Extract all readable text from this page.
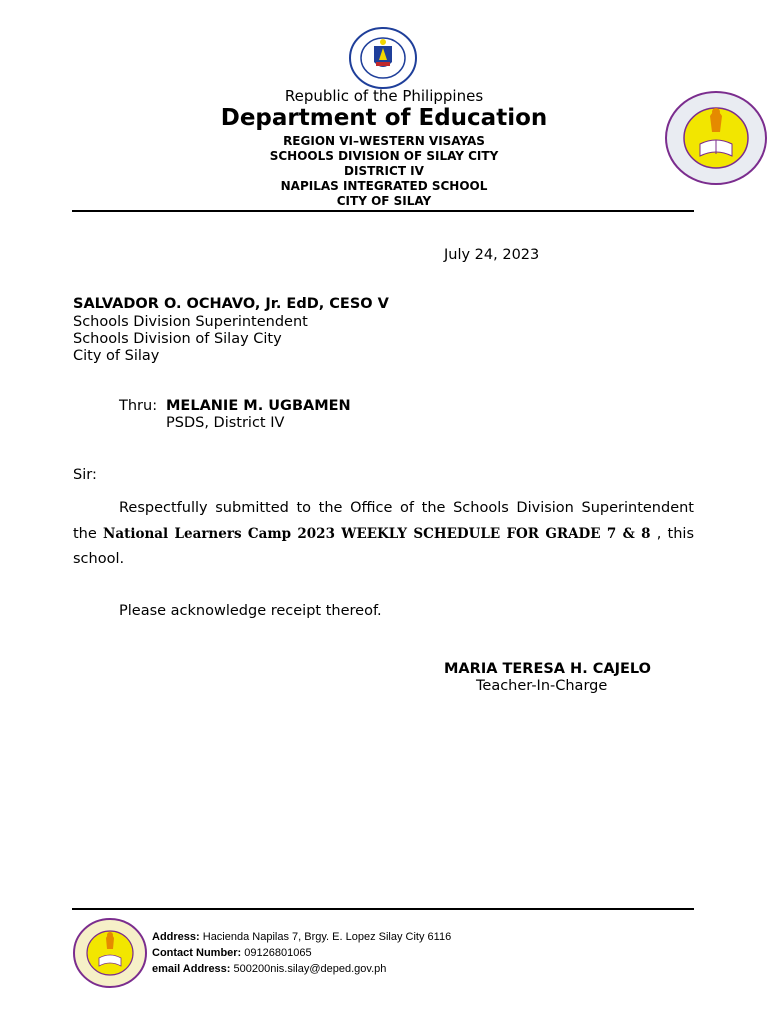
Republic of the Philippines
Department of Education
REGION VI–WESTERN VISAYAS
SCHOOLS DIVISION OF SILAY CITY
DISTRICT IV
NAPILAS INTEGRATED SCHOOL
CITY OF SILAY
July 24, 2023
SALVADOR O. OCHAVO, Jr. EdD, CESO V
Schools Division Superintendent
Schools Division of Silay City
City of Silay
Thru: MELANIE M. UGBAMEN
PSDS, District IV
Sir:
Respectfully submitted to the Office of the Schools Division Superintendent the National Learners Camp 2023 WEEKLY SCHEDULE FOR GRADE 7 & 8 , this school.
Please acknowledge receipt thereof.
MARIA TERESA H. CAJELO
Teacher-In-Charge
Address: Hacienda Napilas 7, Brgy. E. Lopez Silay City 6116
Contact Number: 09126801065
email Address: 500200nis.silay@deped.gov.ph
